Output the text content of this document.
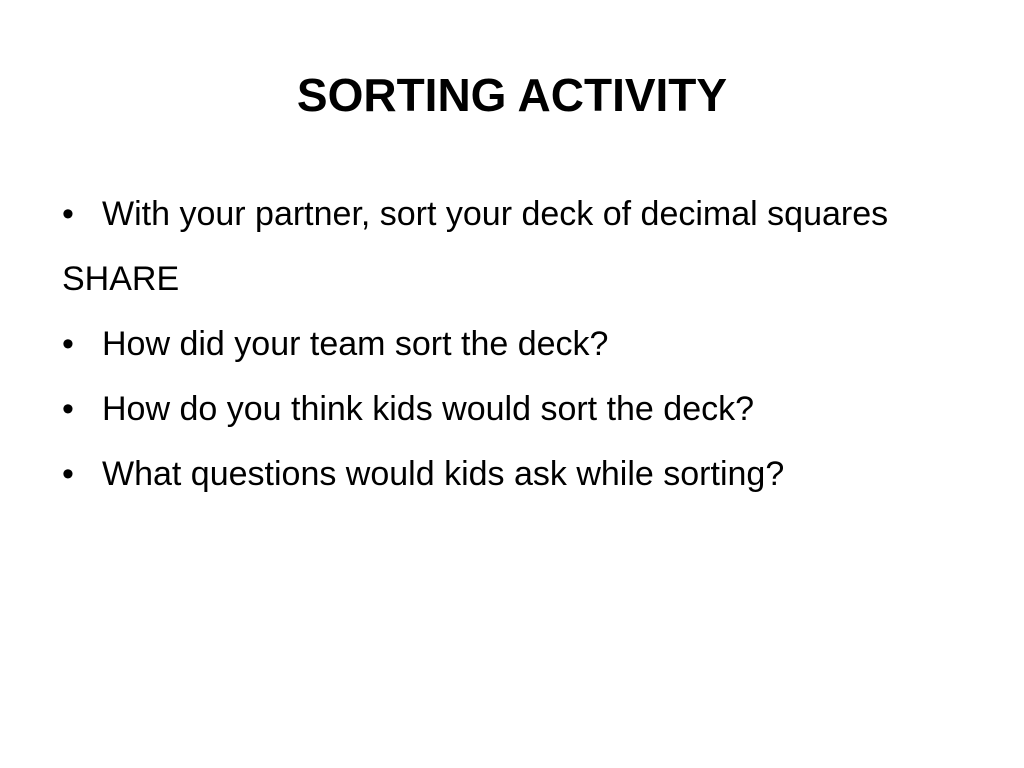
SORTING ACTIVITY
• With your partner, sort your deck of decimal squares
SHARE
• How did your team sort the deck?
• How do you think kids would sort the deck?
• What questions would kids ask while sorting?
